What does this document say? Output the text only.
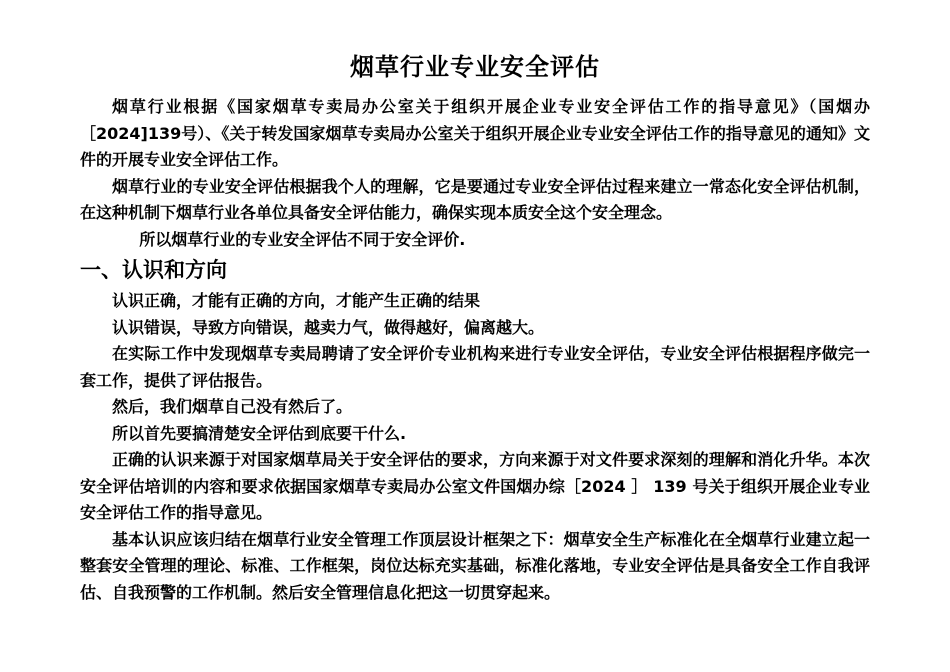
烟草行业专业安全评估

烟草行业根据《国家烟草专卖局办公室关于组织开展企业专业安全评估工作的指导意见》（国烟办［2024]139号）、《关于转发国家烟草专卖局办公室关于组织开展企业专业安全评估工作的指导意见的通知》文件的开展专业安全评估工作。

烟草行业的专业安全评估根据我个人的理解，它是要通过专业安全评估过程来建立一常态化安全评估机制，在这种机制下烟草行业各单位具备安全评估能力，确保实现本质安全这个安全理念。

所以烟草行业的专业安全评估不同于安全评价.

一、认识和方向

认识正确，才能有正确的方向，才能产生正确的结果

认识错误，导致方向错误，越卖力气，做得越好，偏离越大。

在实际工作中发现烟草专卖局聘请了安全评价专业机构来进行专业安全评估，专业安全评估根据程序做完一套工作，提供了评估报告。

然后，我们烟草自己没有然后了。

所以首先要搞清楚安全评估到底要干什么.

正确的认识来源于对国家烟草局关于安全评估的要求，方向来源于对文件要求深刻的理解和消化升华。本次安全评估培训的内容和要求依据国家烟草专卖局办公室文件国烟办综［2024 ］ 139 号关于组织开展企业专业安全评估工作的指导意见。

基本认识应该归结在烟草行业安全管理工作顶层设计框架之下：烟草安全生产标准化在全烟草行业建立起一整套安全管理的理论、标准、工作框架，岗位达标充实基础，标准化落地，专业安全评估是具备安全工作自我评估、自我预警的工作机制。然后安全管理信息化把这一切贯穿起来。
